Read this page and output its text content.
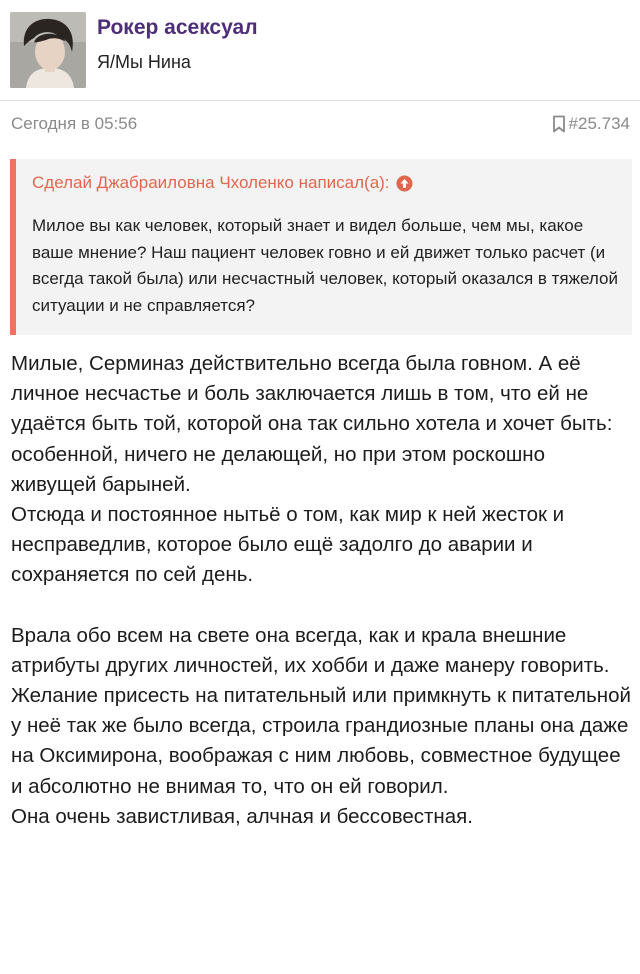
Рокер асексуал
Я/Мы Нина
Сегодня в 05:56	#25.734
Сделай Джабраиловна Чхоленко написал(а):
Милое вы как человек, который знает и видел больше, чем мы, какое ваше мнение? Наш пациент человек говно и ей движет только расчет (и всегда такой была) или несчастный человек, который оказался в тяжелой ситуации и не справляется?

Милые, Серминаз действительно всегда была говном. А её личное несчастье и боль заключается лишь в том, что ей не удаётся быть той, которой она так сильно хотела и хочет быть: особенной, ничего не делающей, но при этом роскошно живущей барыней.

Отсюда и постоянное нытьё о том, как мир к ней жесток и несправедлив, которое было ещё задолго до аварии и сохраняется по сей день.

Врала обо всем на свете она всегда, как и крала внешние атрибуты других личностей, их хобби и даже манеру говорить.

Желание присесть на питательный или примкнуть к питательной у неё так же было всегда, строила грандиозные планы она даже на Оксимирона, воображая с ним любовь, совместное будущее и абсолютно не внимая то, что он ей говорил.

Она очень завистливая, алчная и бессовестная.
